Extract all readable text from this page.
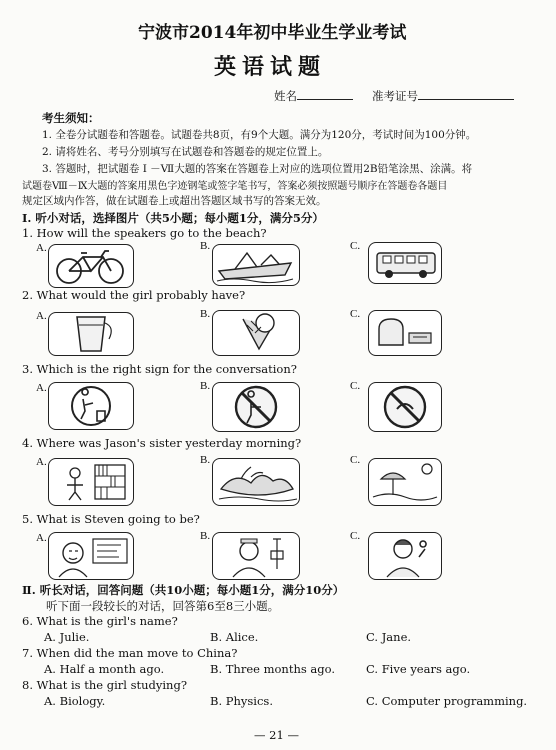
宁波市2014年初中毕业生学业考试
英语试题
姓名	准考证号
考生须知：
1. 全卷分试题卷和答题卷。试题卷共8页，有9个大题。满分为120分，考试时间为100分钟。
2. 请将姓名、考号分别填写在试题卷和答题卷的规定位置上。
3. 答题时，把试题卷 Ⅰ －Ⅶ大题的答案在答题卷上对应的选项位置用2B铅笔涂黑、涂满。将
试题卷Ⅷ－Ⅸ大题的答案用黑色字迹钢笔或签字笔书写，答案必须按照题号顺序在答题卷各题目
规定区域内作答，做在试题卷上或超出答题区域书写的答案无效。
Ⅰ. 听小对话，选择图片（共5小题；每小题1分，满分5分）
1. How will the speakers go to the beach?
A.	B.	C.
2. What would the girl probably have?
A.	B.	C.
3. Which is the right sign for the conversation?
A.	B.	C.
4. Where was Jason's sister yesterday morning?
A.	B.	C.
5. What is Steven going to be?
A.	B.	C.
Ⅱ. 听长对话，回答问题（共10小题；每小题1分，满分10分）
听下面一段较长的对话，回答第6至8三小题。
6. What is the girl's name?
A. Julie.	B. Alice.	C. Jane.
7. When did the man move to China?
A. Half a month ago.	B. Three months ago.	C. Five years ago.
8. What is the girl studying?
A. Biology.	B. Physics.	C. Computer programming.
— 21 —
